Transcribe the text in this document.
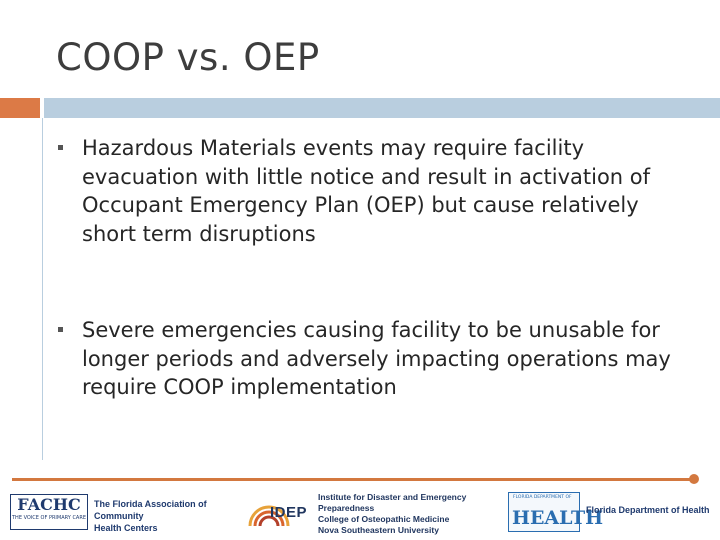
COOP vs. OEP
Hazardous Materials events may require facility evacuation with little notice and result in activation of Occupant Emergency Plan (OEP) but cause relatively short term disruptions
Severe emergencies causing facility to be unusable for longer periods and adversely impacting operations may require COOP implementation
FACHC
THE VOICE OF PRIMARY CARE
The Florida Association of Community
Health Centers
IDEP
Institute for Disaster and Emergency Preparedness
College of Osteopathic Medicine
Nova Southeastern University
FLORIDA DEPARTMENT OF
HEALTH
Florida Department of Health
